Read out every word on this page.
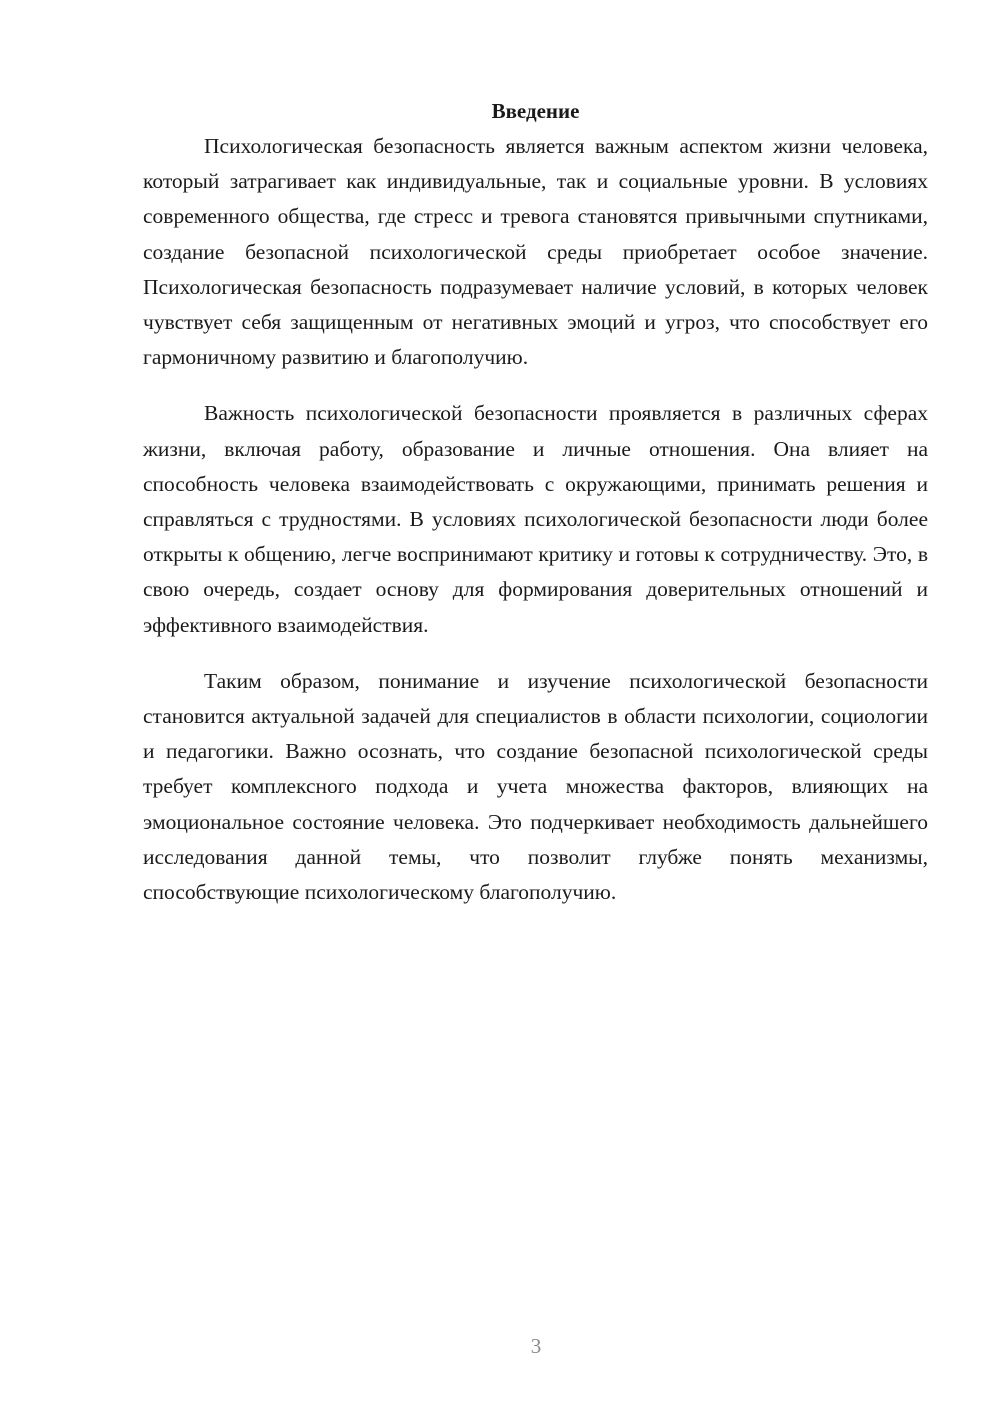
Введение

Психологическая безопасность является важным аспектом жизни человека, который затрагивает как индивидуальные, так и социальные уровни. В условиях современного общества, где стресс и тревога становятся привычными спутниками, создание безопасной психологической среды приобретает особое значение. Психологическая безопасность подразумевает наличие условий, в которых человек чувствует себя защищенным от негативных эмоций и угроз, что способствует его гармоничному развитию и благополучию.

Важность психологической безопасности проявляется в различных сферах жизни, включая работу, образование и личные отношения. Она влияет на способность человека взаимодействовать с окружающими, принимать решения и справляться с трудностями. В условиях психологической безопасности люди более открыты к общению, легче воспринимают критику и готовы к сотрудничеству. Это, в свою очередь, создает основу для формирования доверительных отношений и эффективного взаимодействия.

Таким образом, понимание и изучение психологической безопасности становится актуальной задачей для специалистов в области психологии, социологии и педагогики. Важно осознать, что создание безопасной психологической среды требует комплексного подхода и учета множества факторов, влияющих на эмоциональное состояние человека. Это подчеркивает необходимость дальнейшего исследования данной темы, что позволит глубже понять механизмы, способствующие психологическому благополучию.

3
